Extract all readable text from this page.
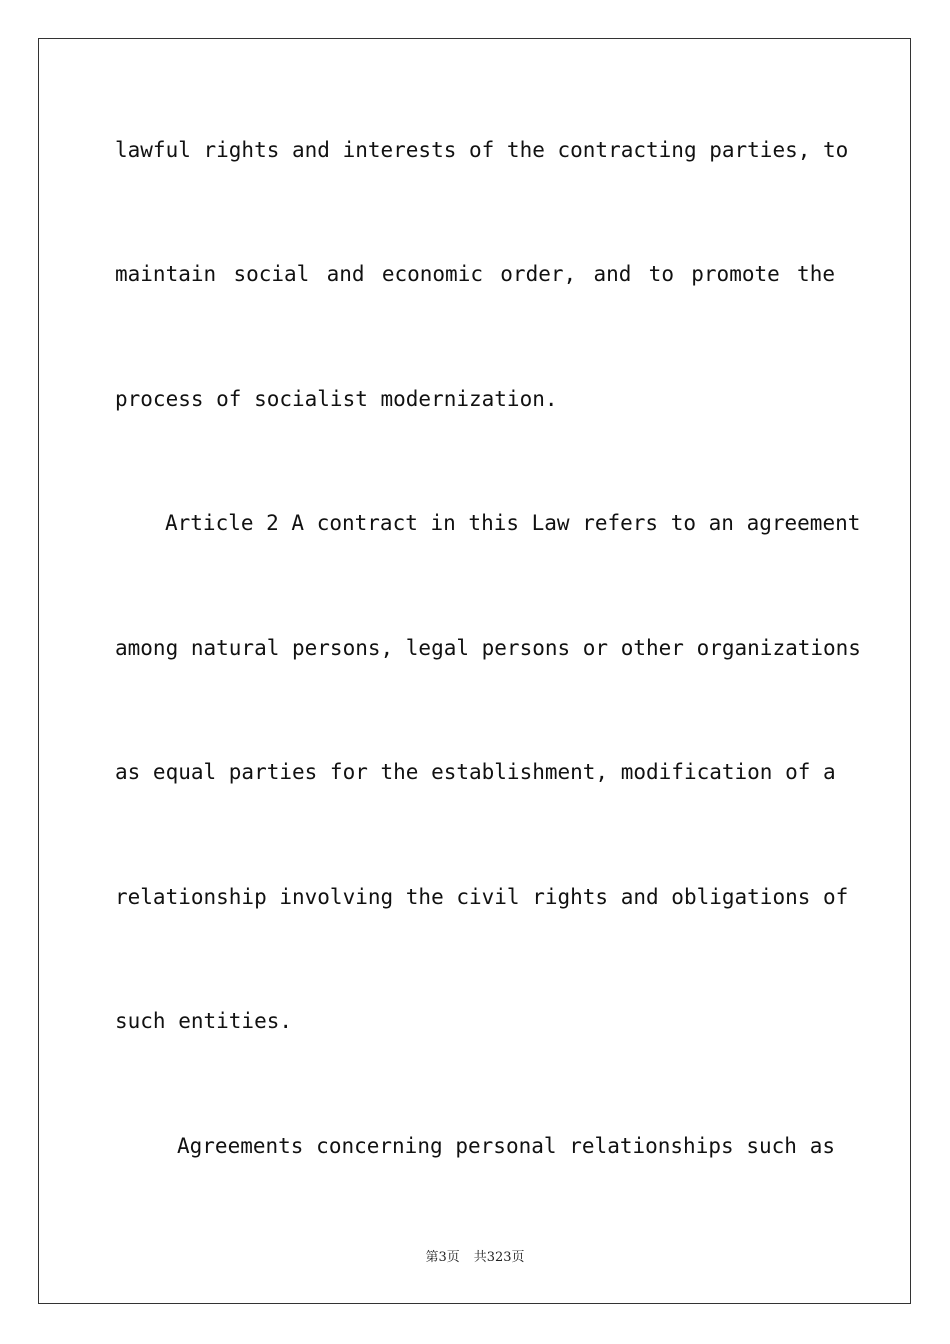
lawful rights and interests of the contracting parties, to
maintain social and economic order, and to promote the
process of socialist modernization.
Article 2 A contract in this Law refers to an agreement
among natural persons, legal persons or other organizations
as equal parties for the establishment, modification of a
relationship involving the civil rights and obligations of
such entities.
Agreements concerning personal relationships such as
第3页 共323页
